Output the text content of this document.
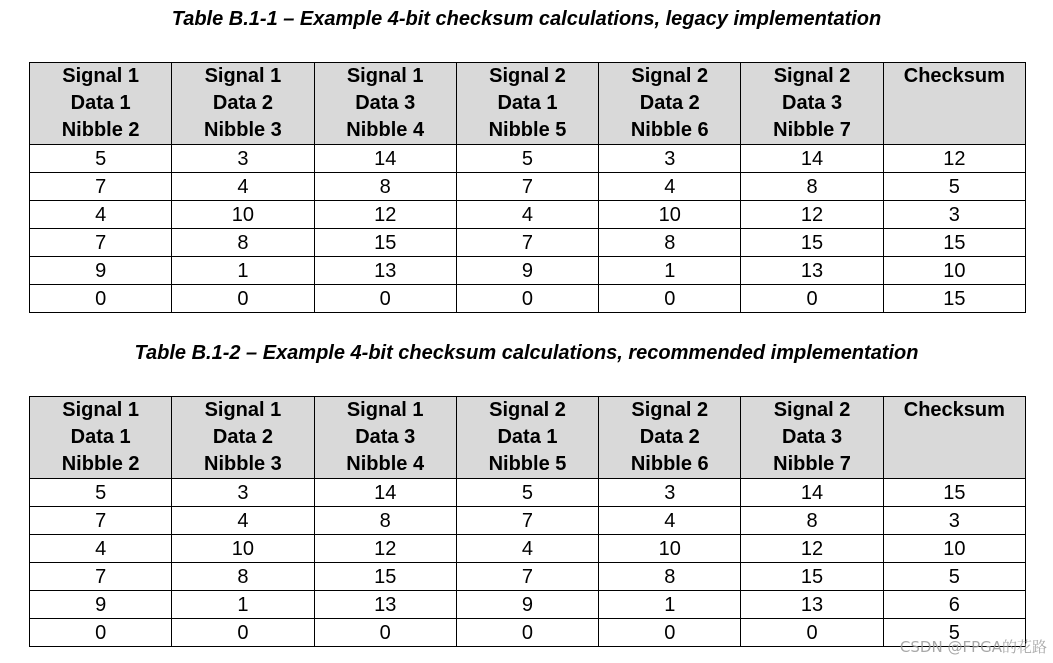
Table B.1-1 – Example 4-bit checksum calculations, legacy implementation
Signal 1
Data 1
Nibble 2	Signal 1
Data 2
Nibble 3	Signal 1
Data 3
Nibble 4	Signal 2
Data 1
Nibble 5	Signal 2
Data 2
Nibble 6	Signal 2
Data 3
Nibble 7	Checksum

5	3	14	5	3	14	12
7	4	8	7	4	8	5
4	10	12	4	10	12	3
7	8	15	7	8	15	15
9	1	13	9	1	13	10
0	0	0	0	0	0	15
Table B.1-2 – Example 4-bit checksum calculations, recommended implementation
Signal 1
Data 1
Nibble 2	Signal 1
Data 2
Nibble 3	Signal 1
Data 3
Nibble 4	Signal 2
Data 1
Nibble 5	Signal 2
Data 2
Nibble 6	Signal 2
Data 3
Nibble 7	Checksum

5	3	14	5	3	14	15
7	4	8	7	4	8	3
4	10	12	4	10	12	10
7	8	15	7	8	15	5
9	1	13	9	1	13	6
0	0	0	0	0	0	5
CSDN @FPGA的花路
